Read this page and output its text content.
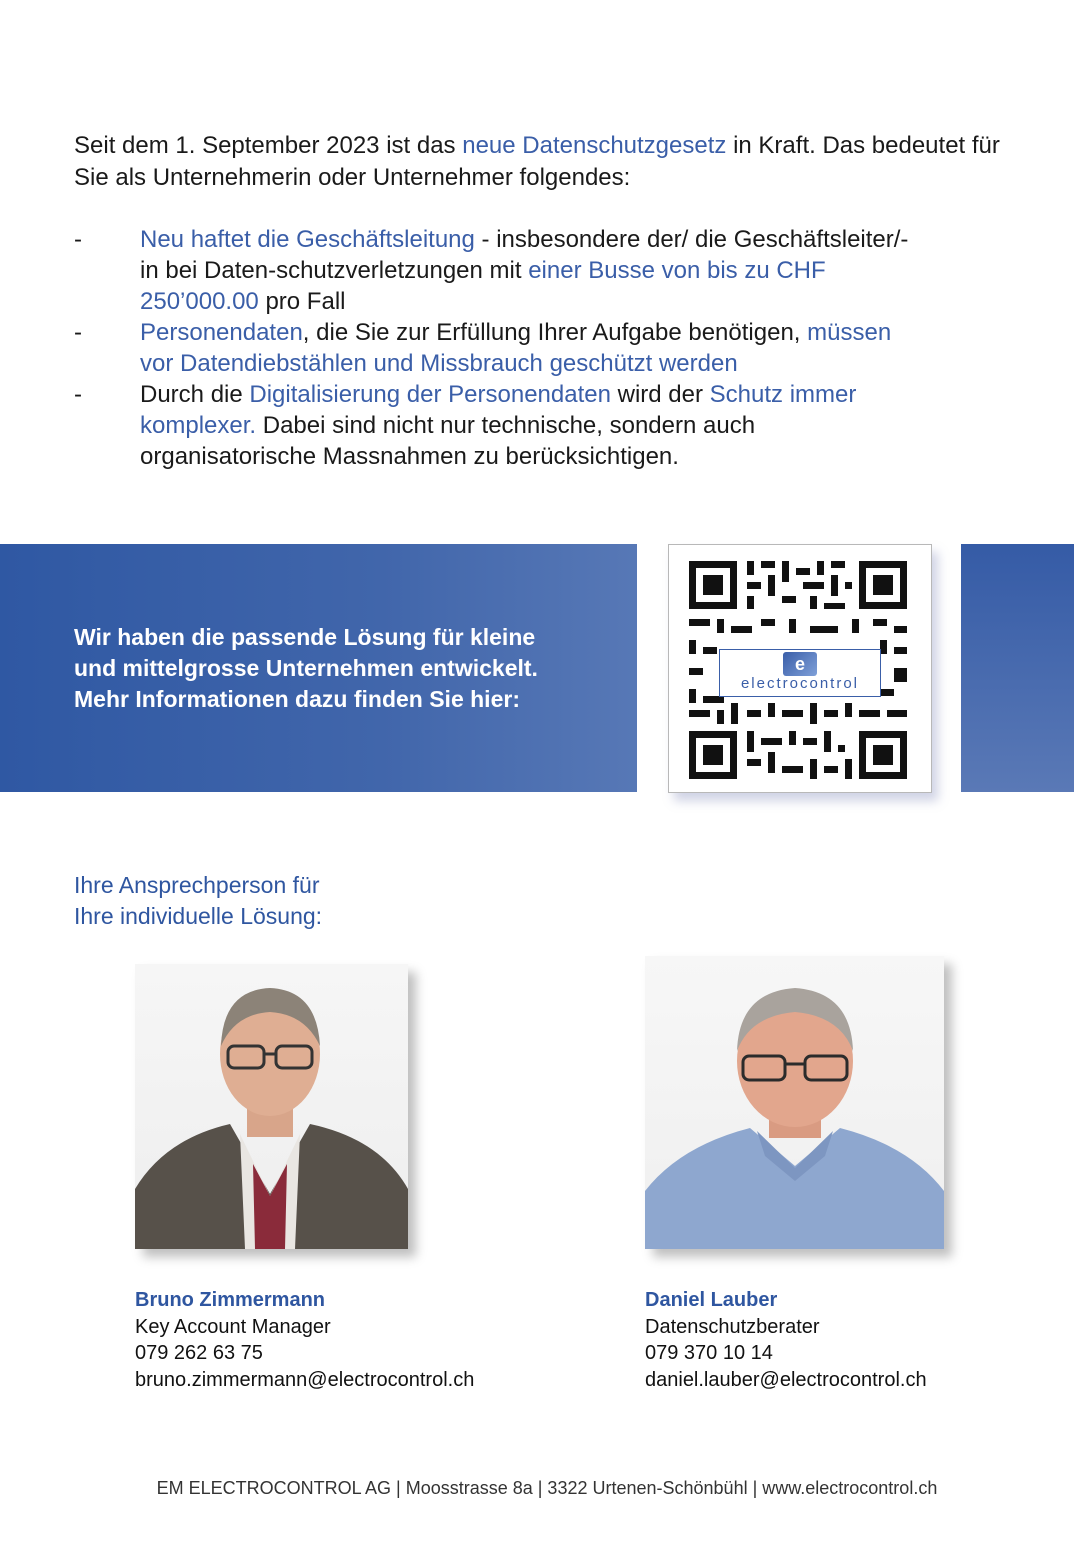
Seit dem 1. September 2023 ist das neue Datenschutzgesetz in Kraft. Das bedeutet für Sie als Unternehmerin oder Unternehmer folgendes:

- Neu haftet die Geschäftsleitung - insbesondere der/ die Geschäftsleiter/-in bei Daten-schutzverletzungen mit einer Busse von bis zu CHF 250’000.00 pro Fall
- Personendaten, die Sie zur Erfüllung Ihrer Aufgabe benötigen, müssen vor Datendiebstählen und Missbrauch geschützt werden
- Durch die Digitalisierung der Personendaten wird der Schutz immer komplexer. Dabei sind nicht nur technische, sondern auch organisatorische Massnahmen zu berücksichtigen.

Wir haben die passende Lösung für kleine
und mittelgrosse Unternehmen entwickelt.
Mehr Informationen dazu finden Sie hier:

e
electrocontrol

Ihre Ansprechperson für
Ihre individuelle Lösung:

Bruno Zimmermann
Key Account Manager
079 262 63 75
bruno.zimmermann@electrocontrol.ch
Daniel Lauber
Datenschutzberater
079 370 10 14
daniel.lauber@electrocontrol.ch
EM ELECTROCONTROL AG | Moosstrasse 8a | 3322 Urtenen-Schönbühl | www.electrocontrol.ch
